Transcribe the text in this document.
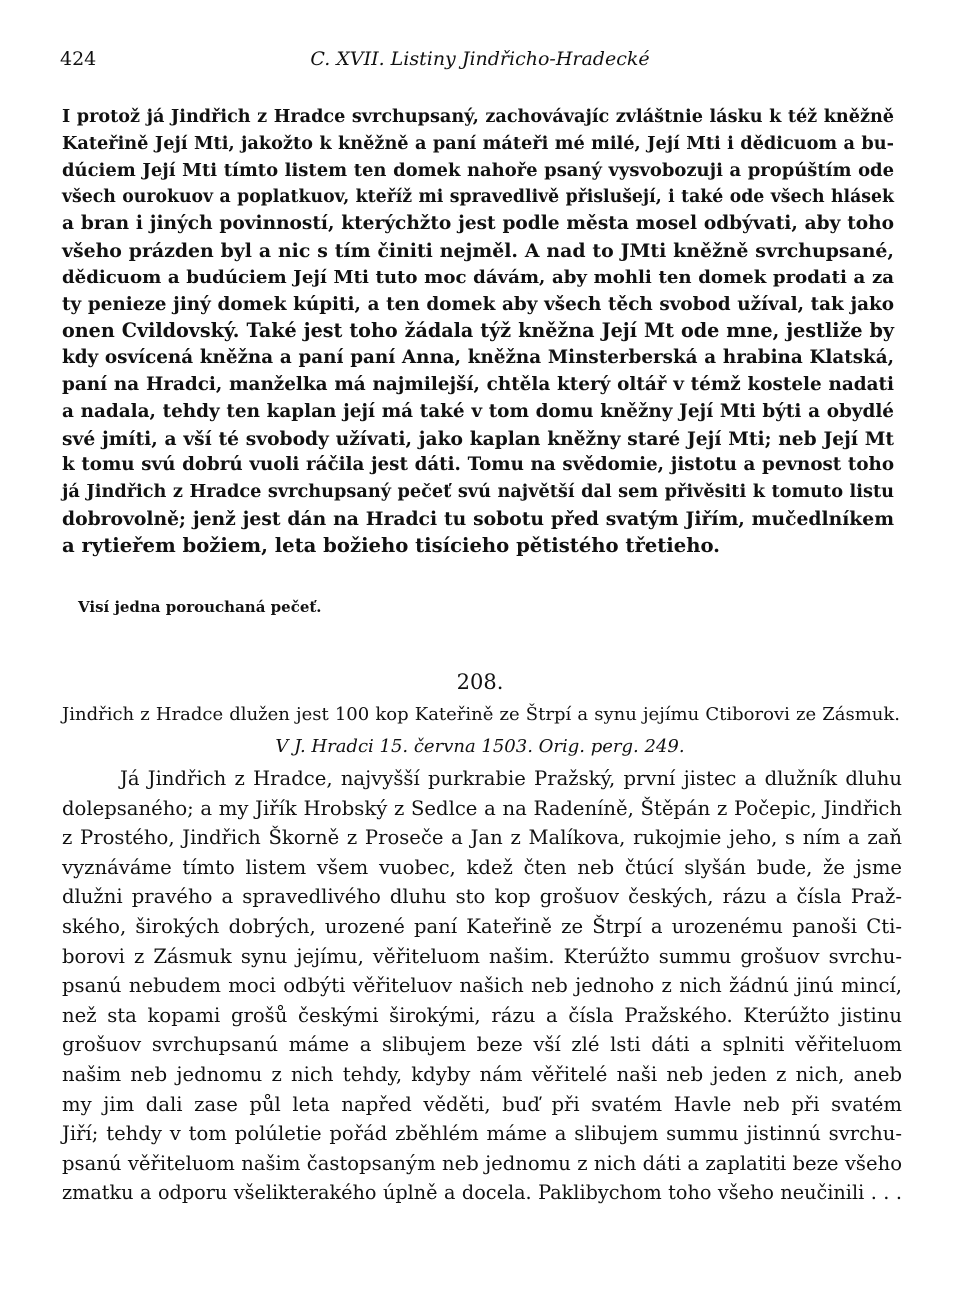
424	C. XVII. Listiny Jindřicho-Hradecké
I protož já Jindřich z Hradce svrchupsaný, zachovávajíc zvláštnie lásku k též kněžně
Kateřině Její Mti, jakožto k kněžně a paní máteři mé milé, Její Mti i dědicuom a bu-
dúciem Její Mti tímto listem ten domek nahoře psaný vysvobozuji a propúštím ode
všech ourokuov a poplatkuov, kteříž mi spravedlivě přislušejí, i také ode všech hlásek
a bran i jiných povinností, kterýchžto jest podle města mosel odbývati, aby toho
všeho prázden byl a nic s tím činiti nejměl. A nad to JMti kněžně svrchupsané,
dědicuom a budúciem Její Mti tuto moc dávám, aby mohli ten domek prodati a za
ty penieze jiný domek kúpiti, a ten domek aby všech těch svobod užíval, tak jako
onen Cvildovský. Také jest toho žádala týž kněžna Její Mt ode mne, jestliže by
kdy osvícená kněžna a paní paní Anna, kněžna Minsterberská a hrabina Klatská,
paní na Hradci, manželka má najmilejší, chtěla který oltář v témž kostele nadati
a nadala, tehdy ten kaplan její má také v tom domu kněžny Její Mti býti a obydlé
své jmíti, a vší té svobody užívati, jako kaplan kněžny staré Její Mti; neb Její Mt
k tomu svú dobrú vuoli ráčila jest dáti. Tomu na svědomie, jistotu a pevnost toho
já Jindřich z Hradce svrchupsaný pečeť svú najvětší dal sem přivěsiti k tomuto listu
dobrovolně; jenž jest dán na Hradci tu sobotu před svatým Jiřím, mučedlníkem
a rytieřem božiem, leta božieho tisícieho pětistého třetieho.
Visí jedna porouchaná pečeť.
208.
Jindřich z Hradce dlužen jest 100 kop Kateřině ze Štrpí a synu jejímu Ctiborovi ze Zásmuk.
V J. Hradci 15. června 1503. Orig. perg. 249.
Já Jindřich z Hradce, najvyšší purkrabie Pražský, první jistec a dlužník dluhu
dolepsaného; a my Jiřík Hrobský z Sedlce a na Radeníně, Štěpán z Počepic, Jindřich
z Prostého, Jindřich Škorně z Proseče a Jan z Malíkova, rukojmie jeho, s ním a zaň
vyznáváme tímto listem všem vuobec, kdež čten neb čtúcí slyšán bude, že jsme
dlužni pravého a spravedlivého dluhu sto kop grošuov českých, rázu a čísla Praž-
ského, širokých dobrých, urozené paní Kateřině ze Štrpí a urozenému panoši Cti-
borovi z Zásmuk synu jejímu, věřiteluom našim. Kterúžto summu grošuov svrchu-
psanú nebudem moci odbýti věřiteluov našich neb jednoho z nich žádnú jinú mincí,
než sta kopami grošů českými širokými, rázu a čísla Pražského. Kterúžto jistinu
grošuov svrchupsanú máme a slibujem beze vší zlé lsti dáti a splniti věřiteluom
našim neb jednomu z nich tehdy, kdyby nám věřitelé naši neb jeden z nich, aneb
my jim dali zase půl leta napřed věděti, buď při svatém Havle neb při svatém
Jiří; tehdy v tom polúletie pořád zběhlém máme a slibujem summu jistinnú svrchu-
psanú věřiteluom našim častopsaným neb jednomu z nich dáti a zaplatiti beze všeho
zmatku a odporu všelikterakého úplně a docela. Paklibychom toho všeho neučinili . . .
